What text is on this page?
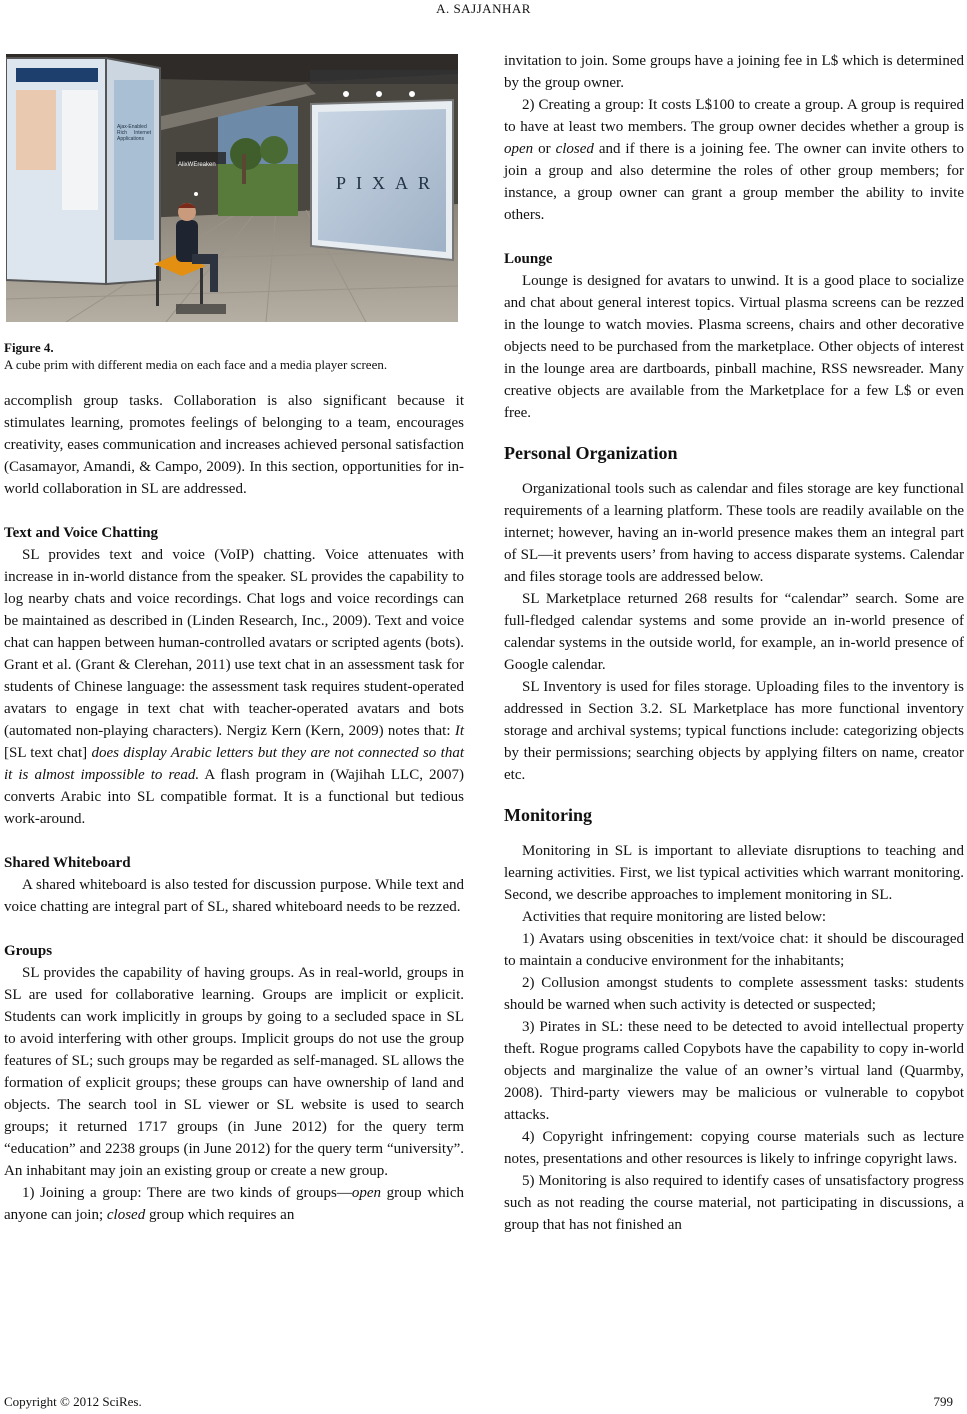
A. SAJJANHAR
PIXAR
Ajax-Enabled Rich Internet Applications
AlixWEreaken
Figure 4.
A cube prim with different media on each face and a media player screen.

accomplish group tasks. Collaboration is also significant because it stimulates learning, promotes feelings of belonging to a team, encourages creativity, eases communication and increases achieved personal satisfaction (Casamayor, Amandi, & Campo, 2009). In this section, opportunities for in-world collaboration in SL are addressed.

Text and Voice Chatting

SL provides text and voice (VoIP) chatting. Voice attenuates with increase in in-world distance from the speaker. SL provides the capability to log nearby chats and voice recordings. Chat logs and voice recordings can be maintained as described in (Linden Research, Inc., 2009). Text and voice chat can happen between human-controlled avatars or scripted agents (bots). Grant et al. (Grant & Clerehan, 2011) use text chat in an assessment task for students of Chinese language: the assessment task requires student-operated avatars to engage in text chat with teacher-operated avatars and bots (automated non-playing characters). Nergiz Kern (Kern, 2009) notes that: It [SL text chat] does display Arabic letters but they are not connected so that it is almost impossible to read. A flash program in (Wajihah LLC, 2007) converts Arabic into SL compatible format. It is a functional but tedious work-around.

Shared Whiteboard

A shared whiteboard is also tested for discussion purpose. While text and voice chatting are integral part of SL, shared whiteboard needs to be rezzed.

Groups

SL provides the capability of having groups. As in real-world, groups in SL are used for collaborative learning. Groups are implicit or explicit. Students can work implicitly in groups by going to a secluded space in SL to avoid interfering with other groups. Implicit groups do not use the group features of SL; such groups may be regarded as self-managed. SL allows the formation of explicit groups; these groups can have ownership of land and objects. The search tool in SL viewer or SL website is used to search groups; it returned 1717 groups (in June 2012) for the query term “education” and 2238 groups (in June 2012) for the query term “university”. An inhabitant may join an existing group or create a new group.

1) Joining a group: There are two kinds of groups—open group which anyone can join; closed group which requires an

invitation to join. Some groups have a joining fee in L$ which is determined by the group owner.

2) Creating a group: It costs L$100 to create a group. A group is required to have at least two members. The group owner decides whether a group is open or closed and if there is a joining fee. The owner can invite others to join a group and also determine the roles of other group members; for instance, a group owner can grant a group member the ability to invite others.

Lounge

Lounge is designed for avatars to unwind. It is a good place to socialize and chat about general interest topics. Virtual plasma screens can be rezzed in the lounge to watch movies. Plasma screens, chairs and other decorative objects need to be purchased from the marketplace. Other objects of interest in the lounge area are dartboards, pinball machine, RSS newsreader. Many creative objects are available from the Marketplace for a few L$ or even free.

Personal Organization

Organizational tools such as calendar and files storage are key functional requirements of a learning platform. These tools are readily available on the internet; however, having an in-world presence makes them an integral part of SL—it prevents users’ from having to access disparate systems. Calendar and files storage tools are addressed below.

SL Marketplace returned 268 results for “calendar” search. Some are full-fledged calendar systems and some provide an in-world presence of calendar systems in the outside world, for example, an in-world presence of Google calendar.

SL Inventory is used for files storage. Uploading files to the inventory is addressed in Section 3.2. SL Marketplace has more functional inventory storage and archival systems; typical functions include: categorizing objects by their permissions; searching objects by applying filters on name, creator etc.

Monitoring

Monitoring in SL is important to alleviate disruptions to teaching and learning activities. First, we list typical activities which warrant monitoring. Second, we describe approaches to implement monitoring in SL.

Activities that require monitoring are listed below:

1) Avatars using obscenities in text/voice chat: it should be discouraged to maintain a conducive environment for the inhabitants;

2) Collusion amongst students to complete assessment tasks: students should be warned when such activity is detected or suspected;

3) Pirates in SL: these need to be detected to avoid intellectual property theft. Rogue programs called Copybots have the capability to copy in-world objects and marginalize the value of an owner’s virtual land (Quarmby, 2008). Third-party viewers may be malicious or vulnerable to copybot attacks.

4) Copyright infringement: copying course materials such as lecture notes, presentations and other resources is likely to infringe copyright laws.

5) Monitoring is also required to identify cases of unsatisfactory progress such as not reading the course material, not participating in discussions, a group that has not finished an

Copyright © 2012 SciRes.	799
